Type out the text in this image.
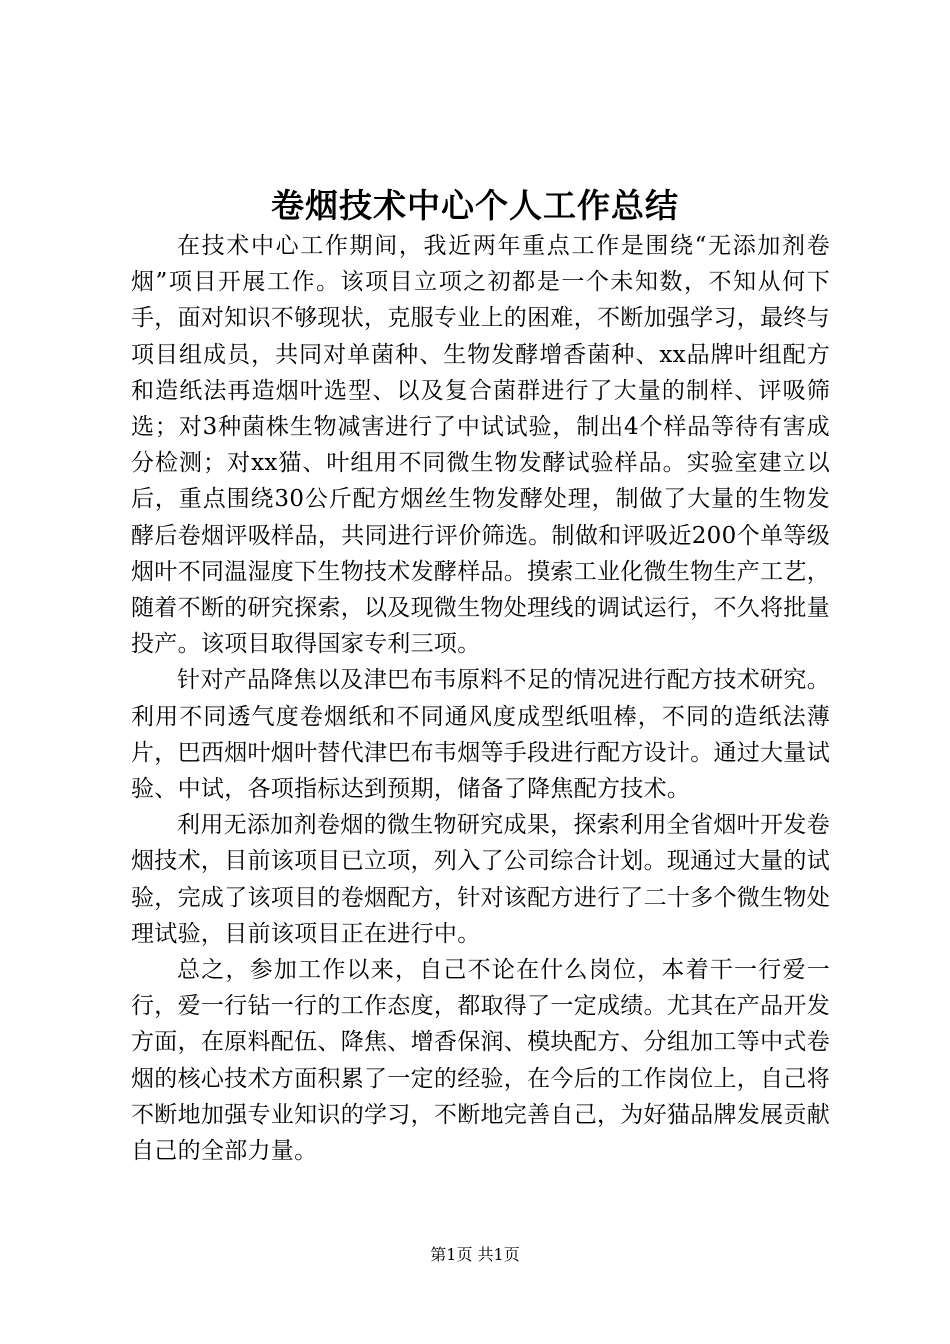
卷烟技术中心个人工作总结

在技术中心工作期间，我近两年重点工作是围绕“无添加剂卷烟”项目开展工作。该项目立项之初都是一个未知数，不知从何下手，面对知识不够现状，克服专业上的困难，不断加强学习，最终与项目组成员，共同对单菌种、生物发酵增香菌种、xx品牌叶组配方和造纸法再造烟叶选型、以及复合菌群进行了大量的制样、评吸筛选；对3种菌株生物减害进行了中试试验，制出4个样品等待有害成分检测；对xx猫、叶组用不同微生物发酵试验样品。实验室建立以后，重点围绕30公斤配方烟丝生物发酵处理，制做了大量的生物发酵后卷烟评吸样品，共同进行评价筛选。制做和评吸近200个单等级烟叶不同温湿度下生物技术发酵样品。摸索工业化微生物生产工艺，随着不断的研究探索，以及现微生物处理线的调试运行，不久将批量投产。该项目取得国家专利三项。

针对产品降焦以及津巴布韦原料不足的情况进行配方技术研究。利用不同透气度卷烟纸和不同通风度成型纸咀棒，不同的造纸法薄片，巴西烟叶烟叶替代津巴布韦烟等手段进行配方设计。通过大量试验、中试，各项指标达到预期，储备了降焦配方技术。

利用无添加剂卷烟的微生物研究成果，探索利用全省烟叶开发卷烟技术，目前该项目已立项，列入了公司综合计划。现通过大量的试验，完成了该项目的卷烟配方，针对该配方进行了二十多个微生物处理试验，目前该项目正在进行中。

总之，参加工作以来，自己不论在什么岗位，本着干一行爱一行，爱一行钻一行的工作态度，都取得了一定成绩。尤其在产品开发方面，在原料配伍、降焦、增香保润、模块配方、分组加工等中式卷烟的核心技术方面积累了一定的经验，在今后的工作岗位上，自己将不断地加强专业知识的学习，不断地完善自己，为好猫品牌发展贡献自己的全部力量。

第1页 共1页
